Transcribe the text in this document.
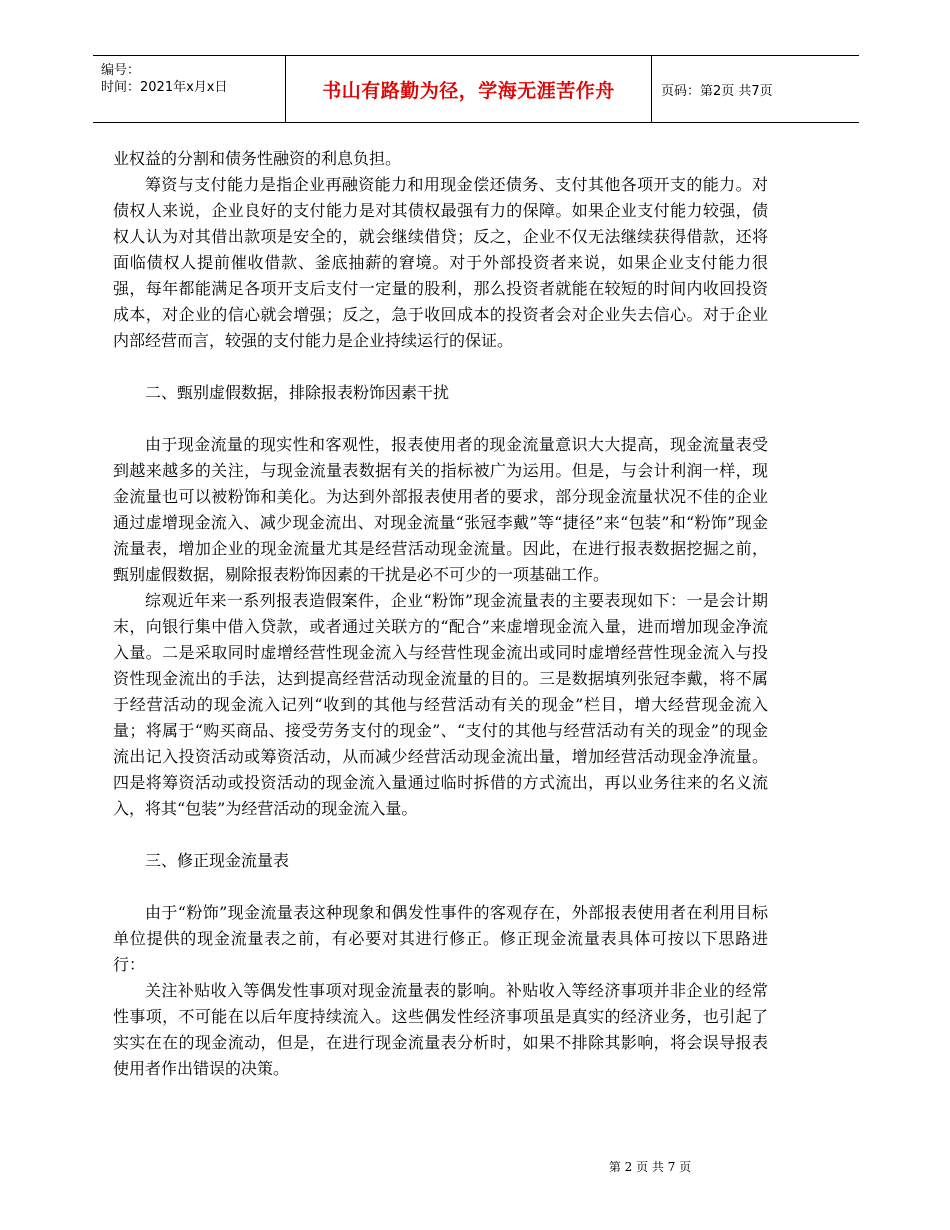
编号：
时间：2021年x月x日	书山有路勤为径，学海无涯苦作舟	页码：第2页 共7页

业权益的分割和债务性融资的利息负担。

筹资与支付能力是指企业再融资能力和用现金偿还债务、支付其他各项开支的能力。对债权人来说，企业良好的支付能力是对其债权最强有力的保障。如果企业支付能力较强，债权人认为对其借出款项是安全的，就会继续借贷；反之，企业不仅无法继续获得借款，还将面临债权人提前催收借款、釜底抽薪的窘境。对于外部投资者来说，如果企业支付能力很强，每年都能满足各项开支后支付一定量的股利，那么投资者就能在较短的时间内收回投资成本，对企业的信心就会增强；反之，急于收回成本的投资者会对企业失去信心。对于企业内部经营而言，较强的支付能力是企业持续运行的保证。

二、甄别虚假数据，排除报表粉饰因素干扰

由于现金流量的现实性和客观性，报表使用者的现金流量意识大大提高，现金流量表受到越来越多的关注，与现金流量表数据有关的指标被广为运用。但是，与会计利润一样，现金流量也可以被粉饰和美化。为达到外部报表使用者的要求，部分现金流量状况不佳的企业通过虚增现金流入、减少现金流出、对现金流量“张冠李戴”等“捷径”来“包装”和“粉饰”现金流量表，增加企业的现金流量尤其是经营活动现金流量。因此，在进行报表数据挖掘之前，甄别虚假数据，剔除报表粉饰因素的干扰是必不可少的一项基础工作。

综观近年来一系列报表造假案件，企业“粉饰”现金流量表的主要表现如下：一是会计期末，向银行集中借入贷款，或者通过关联方的“配合”来虚增现金流入量，进而增加现金净流入量。二是采取同时虚增经营性现金流入与经营性现金流出或同时虚增经营性现金流入与投资性现金流出的手法，达到提高经营活动现金流量的目的。三是数据填列张冠李戴，将不属于经营活动的现金流入记列“收到的其他与经营活动有关的现金”栏目，增大经营现金流入量；将属于“购买商品、接受劳务支付的现金”、“支付的其他与经营活动有关的现金”的现金流出记入投资活动或筹资活动，从而减少经营活动现金流出量，增加经营活动现金净流量。四是将筹资活动或投资活动的现金流入量通过临时拆借的方式流出，再以业务往来的名义流入，将其“包装”为经营活动的现金流入量。

三、修正现金流量表

由于“粉饰”现金流量表这种现象和偶发性事件的客观存在，外部报表使用者在利用目标单位提供的现金流量表之前，有必要对其进行修正。修正现金流量表具体可按以下思路进行：

关注补贴收入等偶发性事项对现金流量表的影响。补贴收入等经济事项并非企业的经常性事项，不可能在以后年度持续流入。这些偶发性经济事项虽是真实的经济业务，也引起了实实在在的现金流动，但是，在进行现金流量表分析时，如果不排除其影响，将会误导报表使用者作出错误的决策。

第 2 页 共 7 页
